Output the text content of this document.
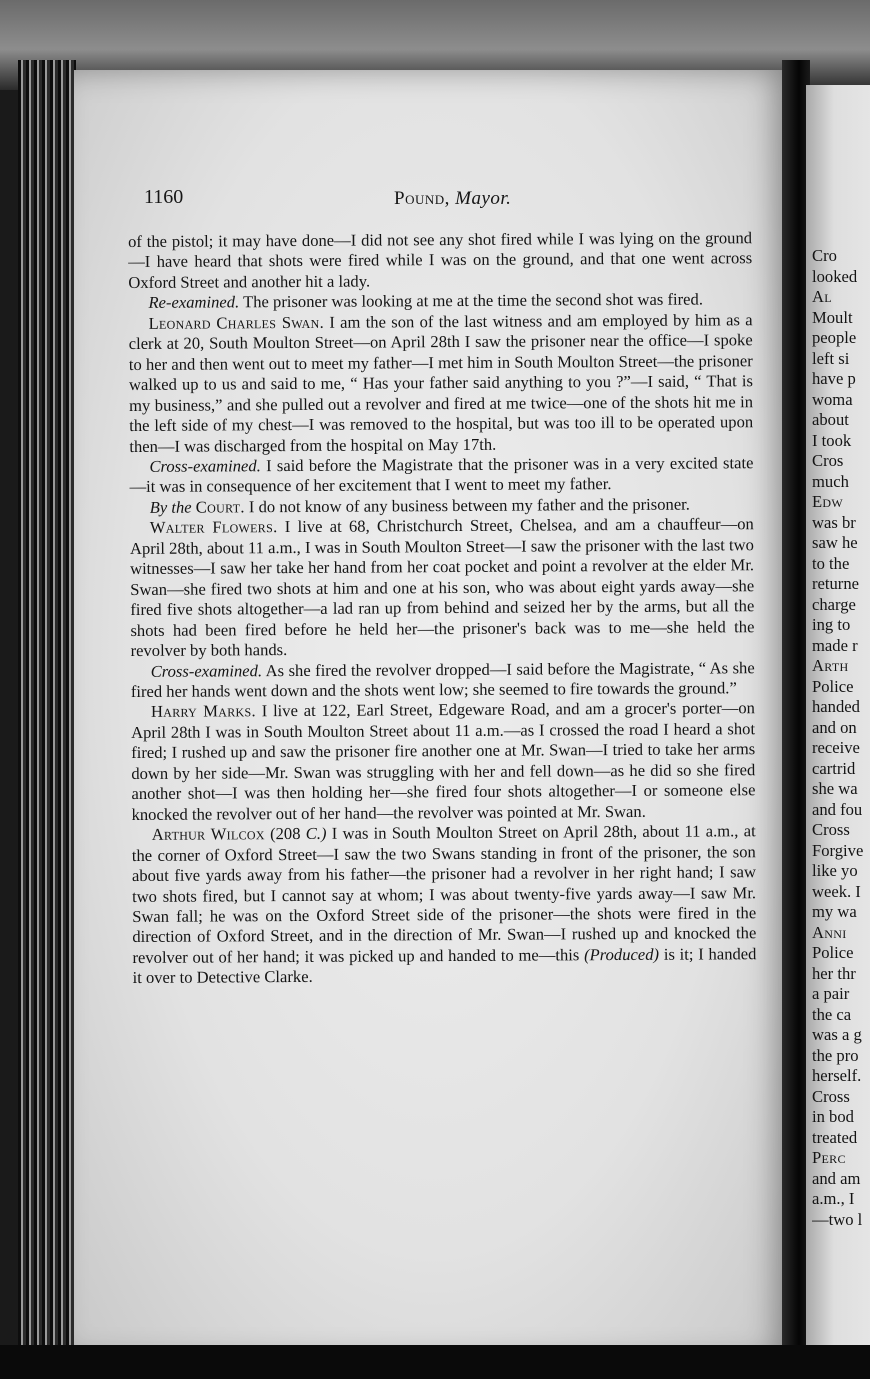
1160	Pound, Mayor.

of the pistol; it may have done—I did not see any shot fired while I was lying on the ground—I have heard that shots were fired while I was on the ground, and that one went across Oxford Street and another hit a lady.

Re-examined. The prisoner was looking at me at the time the second shot was fired.

Leonard Charles Swan. I am the son of the last witness and am employed by him as a clerk at 20, South Moulton Street—on April 28th I saw the prisoner near the office—I spoke to her and then went out to meet my father—I met him in South Moulton Street—the prisoner walked up to us and said to me, “ Has your father said anything to you ?”—I said, “ That is my business,” and she pulled out a revolver and fired at me twice—one of the shots hit me in the left side of my chest—I was removed to the hospital, but was too ill to be operated upon then—I was discharged from the hospital on May 17th.

Cross-examined. I said before the Magistrate that the prisoner was in a very excited state—it was in consequence of her excitement that I went to meet my father.

By the Court. I do not know of any business between my father and the prisoner.

Walter Flowers. I live at 68, Christchurch Street, Chelsea, and am a chauffeur—on April 28th, about 11 a.m., I was in South Moulton Street—I saw the prisoner with the last two witnesses—I saw her take her hand from her coat pocket and point a revolver at the elder Mr. Swan—she fired two shots at him and one at his son, who was about eight yards away—she fired five shots altogether—a lad ran up from behind and seized her by the arms, but all the shots had been fired before he held her—the prisoner's back was to me—she held the revolver by both hands.

Cross-examined. As she fired the revolver dropped—I said before the Magistrate, “ As she fired her hands went down and the shots went low; she seemed to fire towards the ground.”

Harry Marks. I live at 122, Earl Street, Edgeware Road, and am a grocer's porter—on April 28th I was in South Moulton Street about 11 a.m.—as I crossed the road I heard a shot fired; I rushed up and saw the prisoner fire another one at Mr. Swan—I tried to take her arms down by her side—Mr. Swan was struggling with her and fell down—as he did so she fired another shot—I was then holding her—she fired four shots altogether—I or someone else knocked the revolver out of her hand—the revolver was pointed at Mr. Swan.

Arthur Wilcox (208 C.) I was in South Moulton Street on April 28th, about 11 a.m., at the corner of Oxford Street—I saw the two Swans standing in front of the prisoner, the son about five yards away from his father—the prisoner had a revolver in her right hand; I saw two shots fired, but I cannot say at whom; I was about twenty-five yards away—I saw Mr. Swan fall; he was on the Oxford Street side of the prisoner—the shots were fired in the direction of Oxford Street, and in the direction of Mr. Swan—I rushed up and knocked the revolver out of her hand; it was picked up and handed to me—this (Produced) is it; I handed it over to Detective Clarke.

Cro
looked
Al
Moult
people
left si
have p
woma
about
I took
Cros
much
Edw
was br
saw he
to the
returne
charge
ing to
made r
Arth
Police
handed
and on
receive
cartrid
she wa
and fou
Cross
Forgive
like yo
week. I
my wa
Anni
Police
her thr
a pair
the ca
was a g
the pro
herself.
Cross
in bod
treated
Perc
and am
a.m., I
—two l
